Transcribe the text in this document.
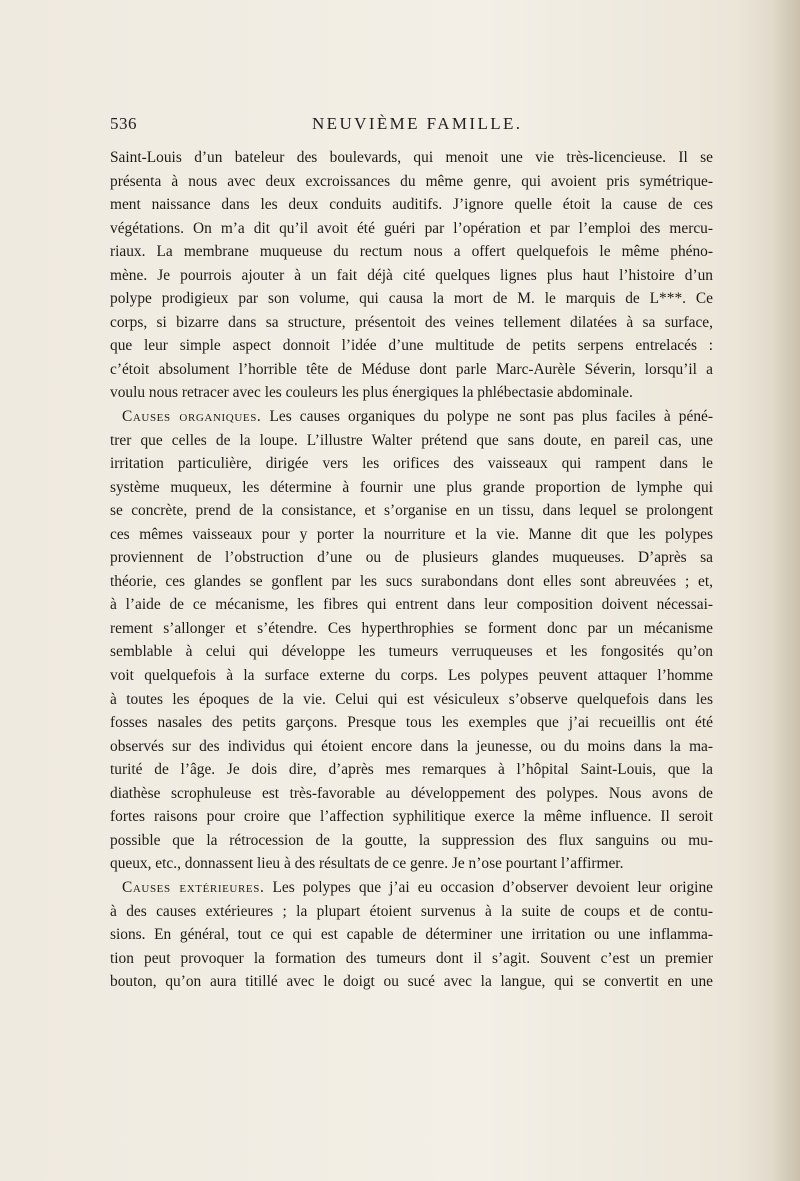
536	NEUVIÈME FAMILLE.
Saint-Louis d’un bateleur des boulevards, qui menoit une vie très-licencieuse. Il se
présenta à nous avec deux excroissances du même genre, qui avoient pris symétrique-
ment naissance dans les deux conduits auditifs. J’ignore quelle étoit la cause de ces
végétations. On m’a dit qu’il avoit été guéri par l’opération et par l’emploi des mercu-
riaux. La membrane muqueuse du rectum nous a offert quelquefois le même phéno-
mène. Je pourrois ajouter à un fait déjà cité quelques lignes plus haut l’histoire d’un
polype prodigieux par son volume, qui causa la mort de M. le marquis de L***. Ce
corps, si bizarre dans sa structure, présentoit des veines tellement dilatées à sa surface,
que leur simple aspect donnoit l’idée d’une multitude de petits serpens entrelacés :
c’étoit absolument l’horrible tête de Méduse dont parle Marc-Aurèle Séverin, lorsqu’il a
voulu nous retracer avec les couleurs les plus énergiques la phlébectasie abdominale.
Causes organiques. Les causes organiques du polype ne sont pas plus faciles à péné-
trer que celles de la loupe. L’illustre Walter prétend que sans doute, en pareil cas, une
irritation particulière, dirigée vers les orifices des vaisseaux qui rampent dans le
système muqueux, les détermine à fournir une plus grande proportion de lymphe qui
se concrète, prend de la consistance, et s’organise en un tissu, dans lequel se prolongent
ces mêmes vaisseaux pour y porter la nourriture et la vie. Manne dit que les polypes
proviennent de l’obstruction d’une ou de plusieurs glandes muqueuses. D’après sa
théorie, ces glandes se gonflent par les sucs surabondans dont elles sont abreuvées ; et,
à l’aide de ce mécanisme, les fibres qui entrent dans leur composition doivent nécessai-
rement s’allonger et s’étendre. Ces hyperthrophies se forment donc par un mécanisme
semblable à celui qui développe les tumeurs verruqueuses et les fongosités qu’on
voit quelquefois à la surface externe du corps. Les polypes peuvent attaquer l’homme
à toutes les époques de la vie. Celui qui est vésiculeux s’observe quelquefois dans les
fosses nasales des petits garçons. Presque tous les exemples que j’ai recueillis ont été
observés sur des individus qui étoient encore dans la jeunesse, ou du moins dans la ma-
turité de l’âge. Je dois dire, d’après mes remarques à l’hôpital Saint-Louis, que la
diathèse scrophuleuse est très-favorable au développement des polypes. Nous avons de
fortes raisons pour croire que l’affection syphilitique exerce la même influence. Il seroit
possible que la rétrocession de la goutte, la suppression des flux sanguins ou mu-
queux, etc., donnassent lieu à des résultats de ce genre. Je n’ose pourtant l’affirmer.
Causes extérieures. Les polypes que j’ai eu occasion d’observer devoient leur origine
à des causes extérieures ; la plupart étoient survenus à la suite de coups et de contu-
sions. En général, tout ce qui est capable de déterminer une irritation ou une inflamma-
tion peut provoquer la formation des tumeurs dont il s’agit. Souvent c’est un premier
bouton, qu’on aura titillé avec le doigt ou sucé avec la langue, qui se convertit en une
